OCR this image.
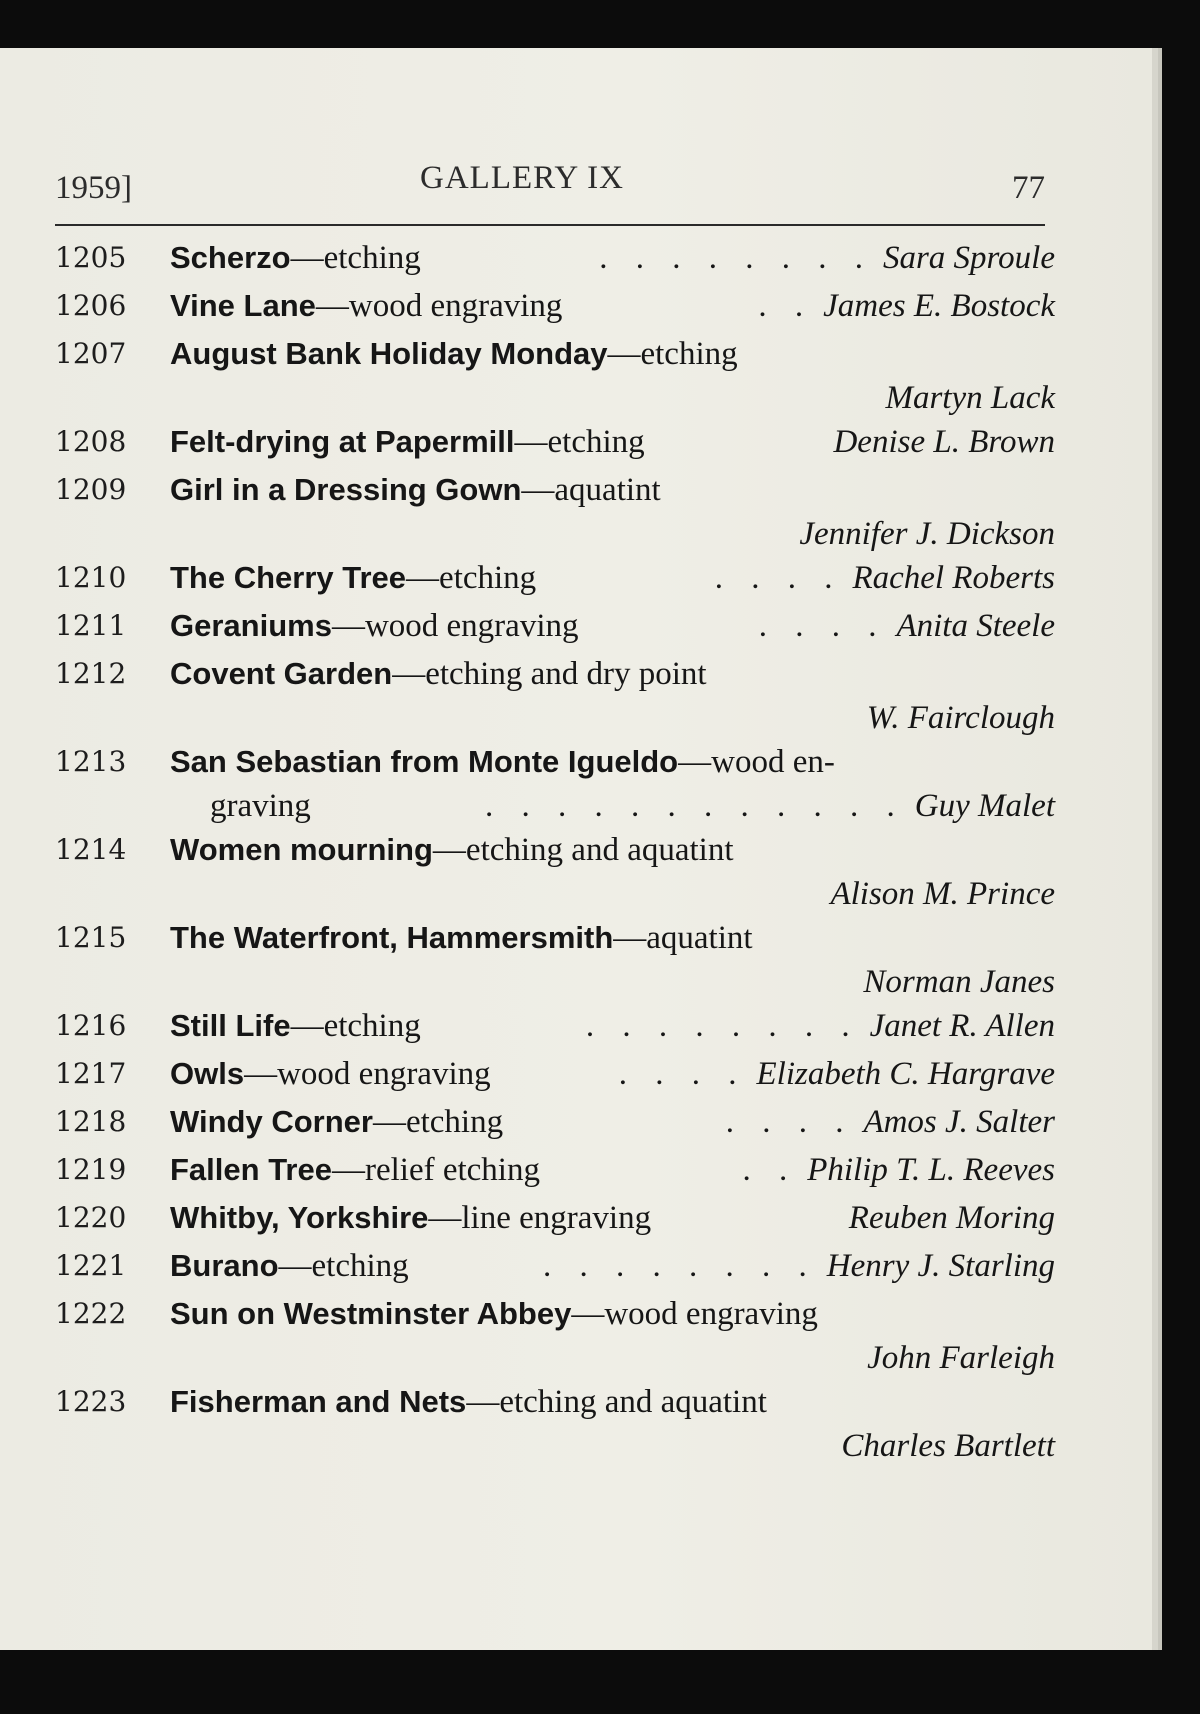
1959]	GALLERY IX	77
1205 Scherzo —etching	. . . . . . . . Sara Sproule
1206 Vine Lane —wood engraving	. . James E. Bostock
1207 August Bank Holiday Monday—etching
Martyn Lack
1208 Felt-drying at Papermill —etching	Denise L. Brown
1209 Girl in a Dressing Gown—aquatint
Jennifer J. Dickson
1210 The Cherry Tree —etching	. . . . Rachel Roberts
1211 Geraniums —wood engraving	. . . . Anita Steele
1212 Covent Garden—etching and dry point
W. Fairclough
1213 San Sebastian from Monte Igueldo—wood en-
graving	. . . . . . . . . . . . Guy Malet
1214 Women mourning—etching and aquatint
Alison M. Prince
1215 The Waterfront, Hammersmith—aquatint
Norman Janes
1216 Still Life —etching	. . . . . . . . Janet R. Allen
1217 Owls —wood engraving	. . . . Elizabeth C. Hargrave
1218 Windy Corner —etching	. . . . Amos J. Salter
1219 Fallen Tree —relief etching	. . Philip T. L. Reeves
1220 Whitby, Yorkshire —line engraving	Reuben Moring
1221 Burano —etching	. . . . . . . . Henry J. Starling
1222 Sun on Westminster Abbey—wood engraving
John Farleigh
1223 Fisherman and Nets—etching and aquatint
Charles Bartlett
